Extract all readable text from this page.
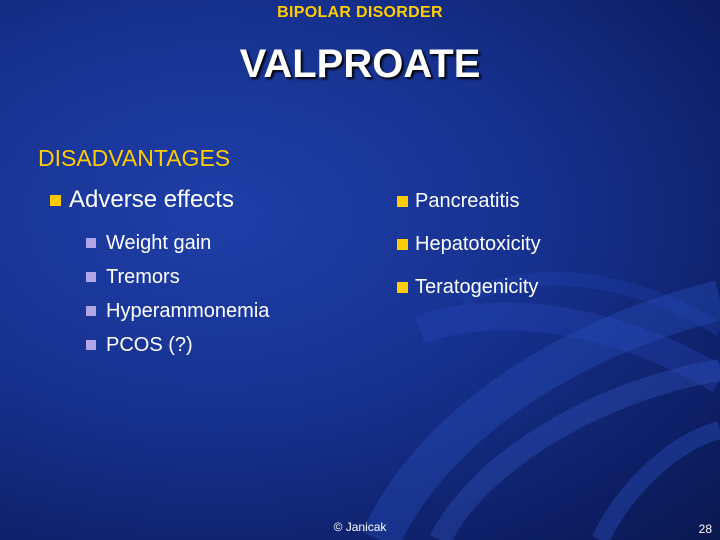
BIPOLAR DISORDER
VALPROATE
DISADVANTAGES
Adverse effects
Weight gain
Tremors
Hyperammonemia
PCOS (?)
Pancreatitis
Hepatotoxicity
Teratogenicity
© Janicak	28
